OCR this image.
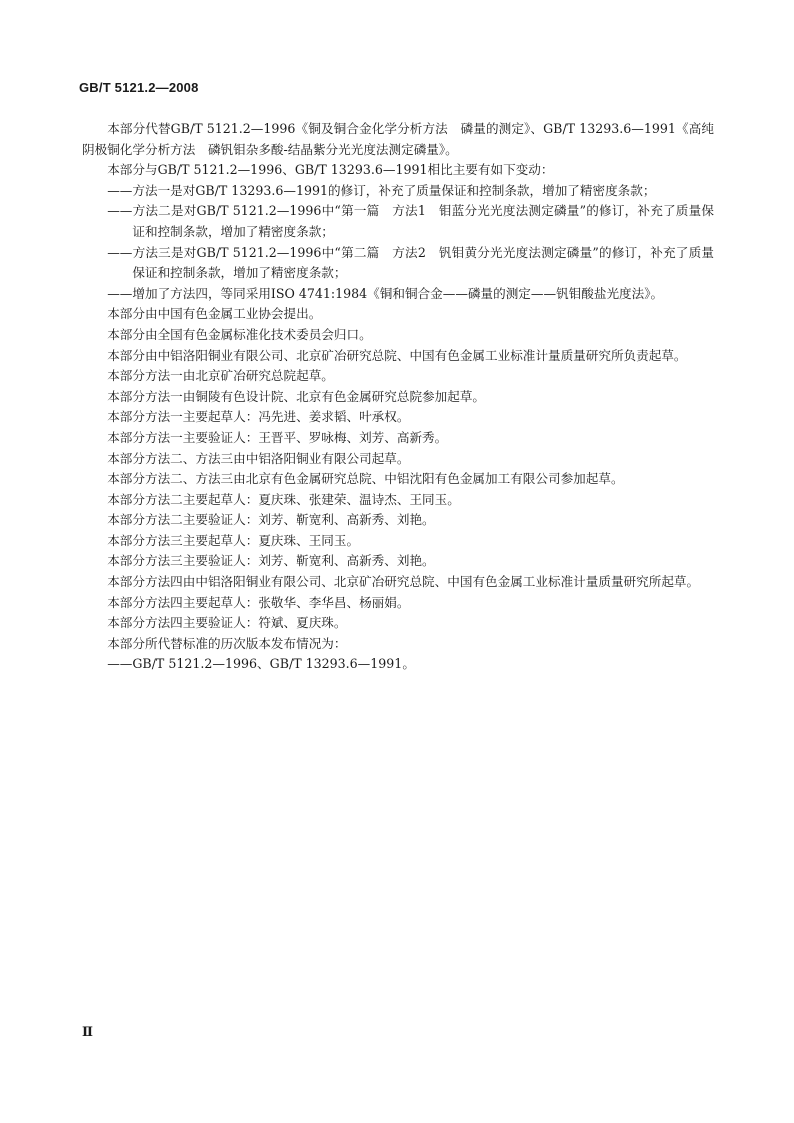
GB/T 5121.2—2008

本部分代替GB/T 5121.2—1996《铜及铜合金化学分析方法　磷量的测定》、GB/T 13293.6—1991《高纯阴极铜化学分析方法　磷钒钼杂多酸-结晶紫分光光度法测定磷量》。

本部分与GB/T 5121.2—1996、GB/T 13293.6—1991相比主要有如下变动：

——方法一是对GB/T 13293.6—1991的修订，补充了质量保证和控制条款，增加了精密度条款；

——方法二是对GB/T 5121.2—1996中“第一篇　方法1　钼蓝分光光度法测定磷量”的修订，补充了质量保证和控制条款，增加了精密度条款；

——方法三是对GB/T 5121.2—1996中“第二篇　方法2　钒钼黄分光光度法测定磷量”的修订，补充了质量保证和控制条款，增加了精密度条款；

——增加了方法四，等同采用ISO 4741:1984《铜和铜合金——磷量的测定——钒钼酸盐光度法》。

本部分由中国有色金属工业协会提出。

本部分由全国有色金属标准化技术委员会归口。

本部分由中铝洛阳铜业有限公司、北京矿冶研究总院、中国有色金属工业标准计量质量研究所负责起草。

本部分方法一由北京矿冶研究总院起草。

本部分方法一由铜陵有色设计院、北京有色金属研究总院参加起草。

本部分方法一主要起草人：冯先进、姜求韬、叶承权。

本部分方法一主要验证人：王晋平、罗咏梅、刘芳、高新秀。

本部分方法二、方法三由中铝洛阳铜业有限公司起草。

本部分方法二、方法三由北京有色金属研究总院、中铝沈阳有色金属加工有限公司参加起草。

本部分方法二主要起草人：夏庆珠、张建荣、温诗杰、王同玉。

本部分方法二主要验证人：刘芳、靳宽利、高新秀、刘艳。

本部分方法三主要起草人：夏庆珠、王同玉。

本部分方法三主要验证人：刘芳、靳宽利、高新秀、刘艳。

本部分方法四由中铝洛阳铜业有限公司、北京矿冶研究总院、中国有色金属工业标准计量质量研究所起草。

本部分方法四主要起草人：张敬华、李华昌、杨丽娟。

本部分方法四主要验证人：符斌、夏庆珠。

本部分所代替标准的历次版本发布情况为：

——GB/T 5121.2—1996、GB/T 13293.6—1991。

Ⅱ
